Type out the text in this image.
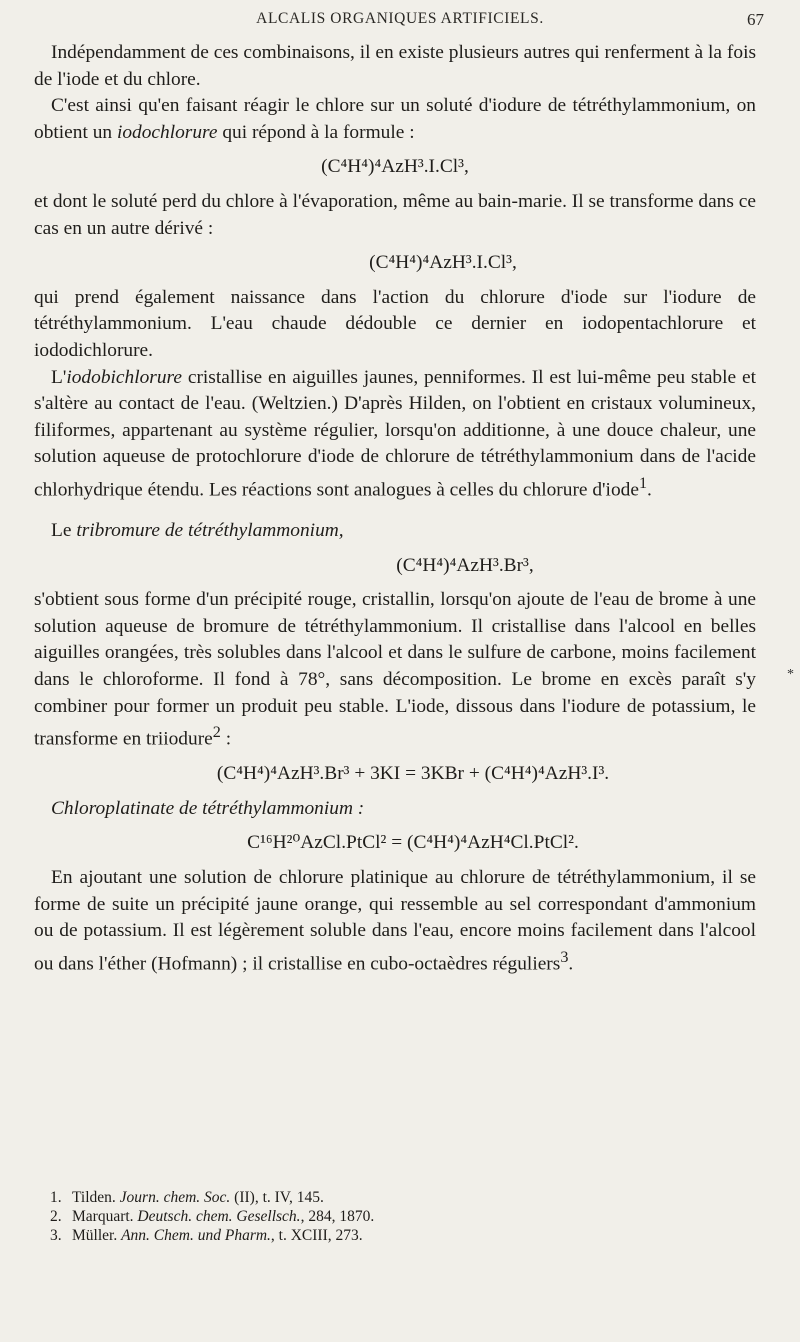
ALCALIS ORGANIQUES ARTIFICIELS.	67

Indépendamment de ces combinaisons, il en existe plusieurs autres qui renferment à la fois de l'iode et du chlore.

C'est ainsi qu'en faisant réagir le chlore sur un soluté d'iodure de tétréthylammonium, on obtient un iodochlorure qui répond à la formule :

(C⁴H⁴)⁴AzH³.I.Cl³,

et dont le soluté perd du chlore à l'évaporation, même au bain-marie. Il se transforme dans ce cas en un autre dérivé :

(C⁴H⁴)⁴AzH³.I.Cl³,

qui prend également naissance dans l'action du chlorure d'iode sur l'iodure de tétréthylammonium. L'eau chaude dédouble ce dernier en iodopentachlorure et iododichlorure.

L'iodobichlorure cristallise en aiguilles jaunes, penniformes. Il est lui-même peu stable et s'altère au contact de l'eau. (Weltzien.) D'après Hilden, on l'obtient en cristaux volumineux, filiformes, appartenant au système régulier, lorsqu'on additionne, à une douce chaleur, une solution aqueuse de protochlorure d'iode de chlorure de tétréthylammonium dans de l'acide chlorhydrique étendu. Les réactions sont analogues à celles du chlorure d'iode$^1$.

Le tribromure de tétréthylammonium,

(C⁴H⁴)⁴AzH³.Br³,

s'obtient sous forme d'un précipité rouge, cristallin, lorsqu'on ajoute de l'eau de brome à une solution aqueuse de bromure de tétréthylammonium. Il cristallise dans l'alcool en belles aiguilles orangées, très solubles dans l'alcool et dans le sulfure de carbone, moins facilement dans le chloroforme. Il fond à 78°, sans décomposition. Le brome en excès paraît s'y combiner pour former un produit peu stable. L'iode, dissous dans l'iodure de potassium, le transforme en triiodure$^2$ :

(C⁴H⁴)⁴AzH³.Br³ + 3KI = 3KBr + (C⁴H⁴)⁴AzH³.I³.

Chloroplatinate de tétréthylammonium :

C¹⁶H²⁰AzCl.PtCl² = (C⁴H⁴)⁴AzH⁴Cl.PtCl².

En ajoutant une solution de chlorure platinique au chlorure de tétréthylammonium, il se forme de suite un précipité jaune orange, qui ressemble au sel correspondant d'ammonium ou de potassium. Il est légèrement soluble dans l'eau, encore moins facilement dans l'alcool ou dans l'éther (Hofmann) ; il cristallise en cubo-octaèdres réguliers$^3$.

*
1. Tilden. Journ. chem. Soc. (II), t. IV, 145.
2. Marquart. Deutsch. chem. Gesellsch., 284, 1870.
3. Müller. Ann. Chem. und Pharm., t. XCIII, 273.
